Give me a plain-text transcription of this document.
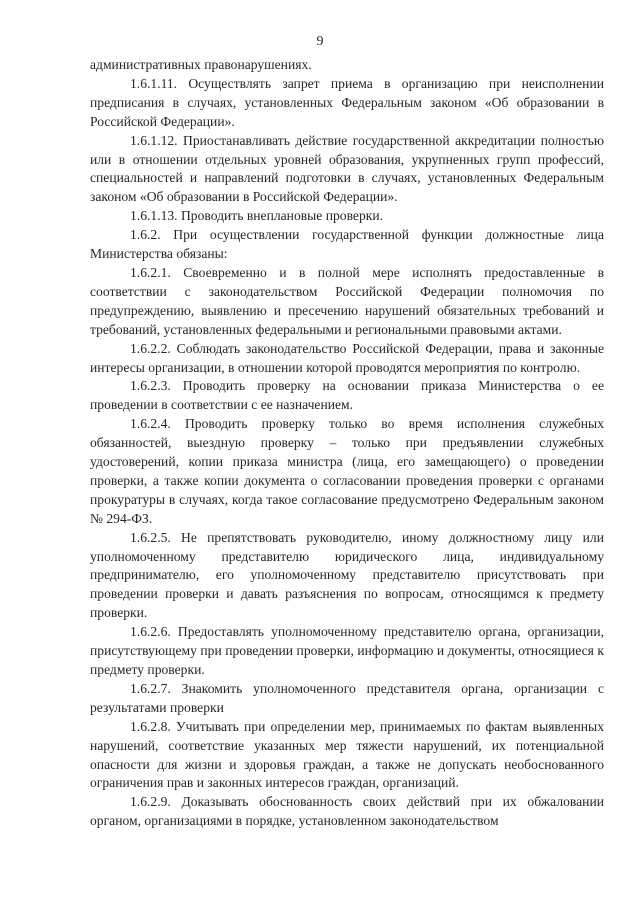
9

административных правонарушениях.

1.6.1.11. Осуществлять запрет приема в организацию при неисполнении предписания в случаях, установленных Федеральным законом «Об образовании в Российской Федерации».

1.6.1.12. Приостанавливать действие государственной аккредитации полностью или в отношении отдельных уровней образования, укрупненных групп профессий, специальностей и направлений подготовки в случаях, установленных Федеральным законом «Об образовании в Российской Федерации».

1.6.1.13. Проводить внеплановые проверки.

1.6.2. При осуществлении государственной функции должностные лица Министерства обязаны:

1.6.2.1. Своевременно и в полной мере исполнять предоставленные в соответствии с законодательством Российской Федерации полномочия по предупреждению, выявлению и пресечению нарушений обязательных требований и требований, установленных федеральными и региональными правовыми актами.

1.6.2.2. Соблюдать законодательство Российской Федерации, права и законные интересы организации, в отношении которой проводятся мероприятия по контролю.

1.6.2.3. Проводить проверку на основании приказа Министерства о ее проведении в соответствии с ее назначением.

1.6.2.4. Проводить проверку только во время исполнения служебных обязанностей, выездную проверку – только при предъявлении служебных удостоверений, копии приказа министра (лица, его замещающего) о проведении проверки, а также копии документа о согласовании проведения проверки с органами прокуратуры в случаях, когда такое согласование предусмотрено Федеральным законом № 294-ФЗ.

1.6.2.5. Не препятствовать руководителю, иному должностному лицу или уполномоченному представителю юридического лица, индивидуальному предпринимателю, его уполномоченному представителю присутствовать при проведении проверки и давать разъяснения по вопросам, относящимся к предмету проверки.

1.6.2.6. Предоставлять уполномоченному представителю органа, организации, присутствующему при проведении проверки, информацию и документы, относящиеся к предмету проверки.

1.6.2.7. Знакомить уполномоченного представителя органа, организации с результатами проверки

1.6.2.8. Учитывать при определении мер, принимаемых по фактам выявленных нарушений, соответствие указанных мер тяжести нарушений, их потенциальной опасности для жизни и здоровья граждан, а также не допускать необоснованного ограничения прав и законных интересов граждан, организаций.

1.6.2.9. Доказывать обоснованность своих действий при их обжаловании органом, организациями в порядке, установленном законодательством
